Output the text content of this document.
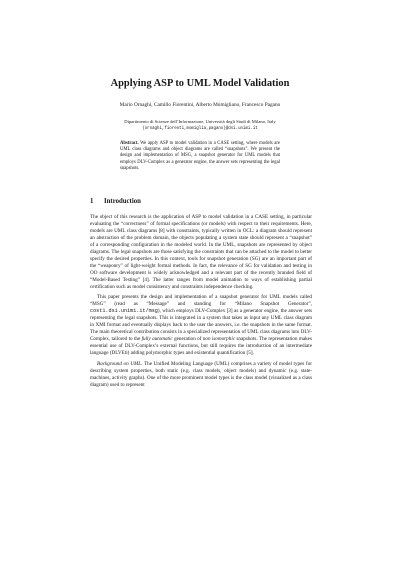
Applying ASP to UML Model Validation
Mario Ornaghi, Camillo Fiorentini, Alberto Momigliano, Francesco Pagano
Dipartimento di Scienze dell’Informazione, Università degli Studi di Milano, Italy
{ornaghi,fiorenti,momiglia,pagano}@dsi.unimi.it
Abstract. We apply ASP to model validation in a CASE setting, where models are UML class diagrams and object diagrams are called “snapshots”. We present the design and implementation of MSG, a snapshot generator for UML models that employs DLV-Complex as a generator engine, the answer sets representing the legal snapshots.
1 Introduction

The object of this research is the application of ASP to model validation in a CASE setting, in particular evaluating the “correctness” of formal specifications (or models) with respect to their requirements. Here, models are UML class diagrams [8] with constraints, typically written in OCL: a diagram should represent an abstraction of the problem domain, the objects populating a system state should represent a “snapshot” of a corresponding configuration in the modeled world. In the UML, snapshots are represented by object diagrams. The legal snapshots are those satisfying the constraints that can be attached to the model to better specify the desired properties. In this context, tools for snapshot generation (SG) are an important part of the “weaponry” of light-weight formal methods. In fact, the relevance of SG for validation and testing in OO software development is widely acknowledged and a relevant part of the recently branded field of “Model-Based Testing” [4]. The latter ranges from model animation to ways of establishing partial certification such as model consistency and constraints independence checking.

This paper presents the design and implementation of a snapshot generator for UML models called “MSG” (read as “Message” and standing for “Milano Snapshot Generator”, cost1.dsi.unimi.it/msg), which employs DLV-Complex [3] as a generator engine, the answer sets representing the legal snapshots. This is integrated in a system that takes as input any UML class diagram in XMI format and eventually displays back to the user the answers, i.e. the snapshots in the same format. The main theoretical contribution consists in a specialized representation of UML class diagrams into DLV-Complex, tailored to the fully automatic generation of non isomorphic snapshots. The representation makes essential use of DLV-Complex’s external functions, but still requires the introduction of an intermediate language (DLVEti) adding polymorphic types and existential quantification [5].

Background on UML. The Unified Modeling Language (UML) comprises a variety of model types for describing system properties, both static (e.g. class models, object models) and dynamic (e.g. state-machines, activity graphs). One of the more prominent model types is the class model (visualized as a class diagram) used to represent
